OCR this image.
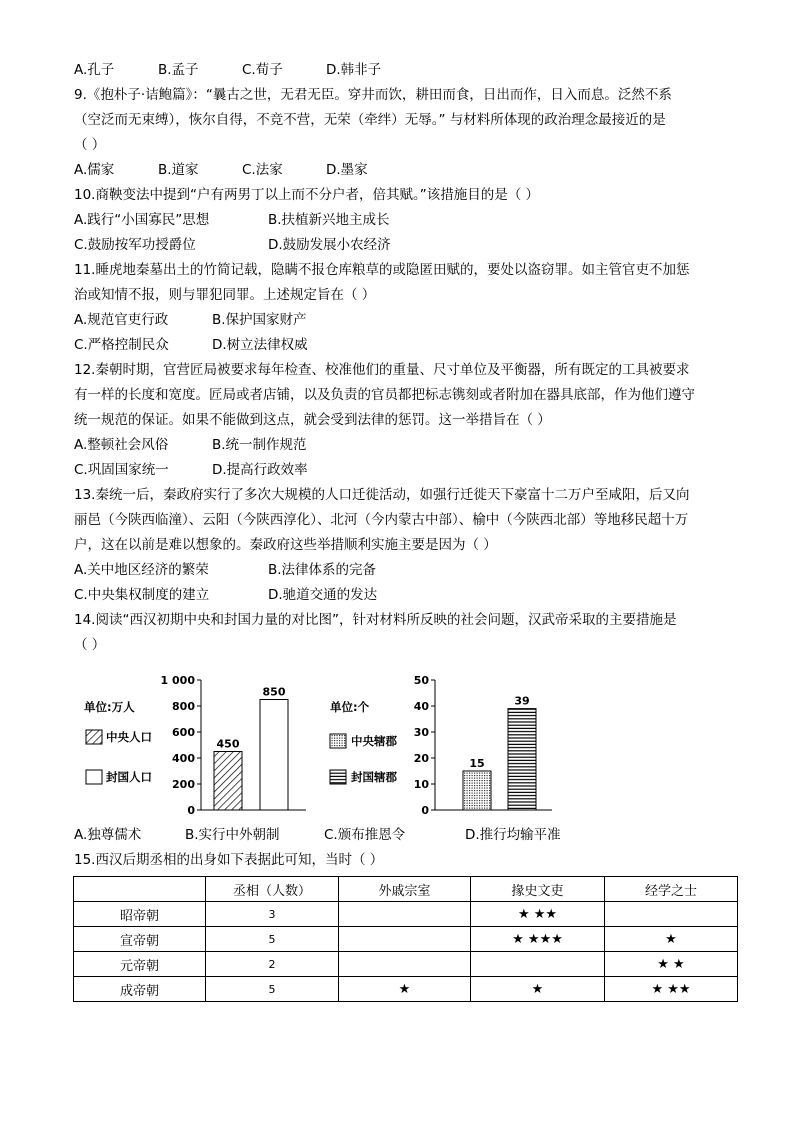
A.孔子	B.孟子	C.荀子	D.韩非子
9.《抱朴子·诘鲍篇》：“曩古之世，无君无臣。穿井而饮，耕田而食，日出而作，日入而息。泛然不系
（空泛而无束缚），恢尔自得，不竞不营，无荣（牵绊）无辱。” 与材料所体现的政治理念最接近的是
（ ）
A.儒家	B.道家	C.法家	D.墨家
10.商鞅变法中提到“户有两男丁以上而不分户者，倍其赋。”该措施目的是（ ）
A.践行“小国寡民”思想	B.扶植新兴地主成长
C.鼓励按军功授爵位	D.鼓励发展小农经济
11.睡虎地秦墓出土的竹简记载，隐瞒不报仓库粮草的或隐匿田赋的，要处以盗窃罪。如主管官吏不加惩
治或知情不报，则与罪犯同罪。上述规定旨在（ ）
A.规范官吏行政	B.保护国家财产
C.严格控制民众	D.树立法律权威
12.秦朝时期，官营匠局被要求每年检查、校准他们的重量、尺寸单位及平衡器，所有既定的工具被要求
有一样的长度和宽度。匠局或者店铺，以及负责的官员都把标志镌刻或者附加在器具底部，作为他们遵守
统一规范的保证。如果不能做到这点，就会受到法律的惩罚。这一举措旨在（ ）
A.整顿社会风俗	B.统一制作规范
C.巩固国家统一	D.提高行政效率
13.秦统一后，秦政府实行了多次大规模的人口迁徙活动，如强行迁徙天下豪富十二万户至咸阳，后又向
丽邑（今陕西临潼）、云阳（今陕西淳化）、北河（今内蒙古中部）、榆中（今陕西北部）等地移民超十万
户，这在以前是难以想象的。秦政府这些举措顺利实施主要是因为（ ）
A.关中地区经济的繁荣	B.法律体系的完备
C.中央集权制度的建立	D.驰道交通的发达
14.阅读“西汉初期中央和封国力量的对比图”，针对材料所反映的社会问题，汉武帝采取的主要措施是
（ ）
单位:万人
中央人口
封国人口
1 000
800
600
400
200
0
450
850
单位:个
中央辖郡
封国辖郡
50
40
30
20
10
0
15
39
A.独尊儒术	B.实行中外朝制	C.颁布推恩令	D.推行均输平准
15.西汉后期丞相的出身如下表据此可知，当时（ ）
	丞相（人数）	外戚宗室	掾史文吏	经学之士
昭帝朝	3		★ ★★	
宣帝朝	5		★ ★★★	★
元帝朝	2			★ ★
成帝朝	5	★	★	★ ★★
